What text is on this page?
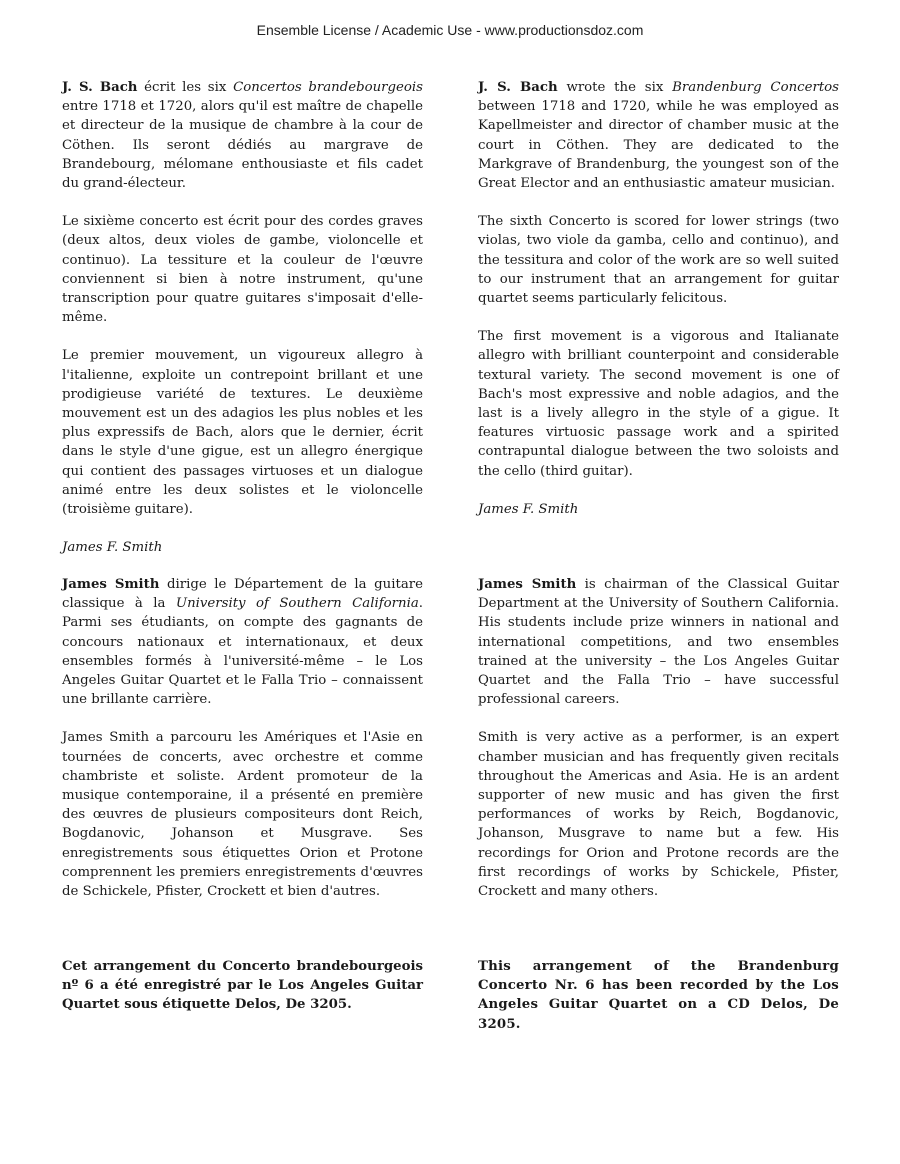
Ensemble License / Academic Use - www.productionsdoz.com

J. S. Bach écrit les six Concertos brandebourgeois entre 1718 et 1720, alors qu'il est maître de chapelle et directeur de la musique de chambre à la cour de Cöthen. Ils seront dédiés au margrave de Brandebourg, mélomane enthousiaste et fils cadet du grand-électeur.

Le sixième concerto est écrit pour des cordes graves (deux altos, deux violes de gambe, violoncelle et continuo). La tessiture et la couleur de l'œuvre conviennent si bien à notre instrument, qu'une transcription pour quatre guitares s'imposait d'elle-même.

Le premier mouvement, un vigoureux allegro à l'italienne, exploite un contrepoint brillant et une prodigieuse variété de textures. Le deuxième mouvement est un des adagios les plus nobles et les plus expressifs de Bach, alors que le dernier, écrit dans le style d'une gigue, est un allegro énergique qui contient des passages virtuoses et un dialogue animé entre les deux solistes et le violoncelle (troisième guitare).

James F. Smith

James Smith dirige le Département de la guitare classique à la University of Southern California. Parmi ses étudiants, on compte des gagnants de concours nationaux et internationaux, et deux ensembles formés à l'université-même – le Los Angeles Guitar Quartet et le Falla Trio – connaissent une brillante carrière.

James Smith a parcouru les Amériques et l'Asie en tournées de concerts, avec orchestre et comme chambriste et soliste. Ardent promoteur de la musique contemporaine, il a présenté en première des œuvres de plusieurs compositeurs dont Reich, Bogdanovic, Johanson et Musgrave. Ses enregistrements sous étiquettes Orion et Protone comprennent les premiers enregistrements d'œuvres de Schickele, Pfister, Crockett et bien d'autres.

Cet arrangement du Concerto brandebourgeois nº 6 a été enregistré par le Los Angeles Guitar Quartet sous étiquette Delos, De 3205.

J. S. Bach wrote the six Brandenburg Concertos between 1718 and 1720, while he was employed as Kapellmeister and director of chamber music at the court in Cöthen. They are dedicated to the Markgrave of Brandenburg, the youngest son of the Great Elector and an enthusiastic amateur musician.

The sixth Concerto is scored for lower strings (two violas, two viole da gamba, cello and continuo), and the tessitura and color of the work are so well suited to our instrument that an arrangement for guitar quartet seems particularly felicitous.

The first movement is a vigorous and Italianate allegro with brilliant counterpoint and considerable textural variety. The second movement is one of Bach's most expressive and noble adagios, and the last is a lively allegro in the style of a gigue. It features virtuosic passage work and a spirited contrapuntal dialogue between the two soloists and the cello (third guitar).

James F. Smith

James Smith is chairman of the Classical Guitar Department at the University of Southern California. His students include prize winners in national and international competitions, and two ensembles trained at the university – the Los Angeles Guitar Quartet and the Falla Trio – have successful professional careers.

Smith is very active as a performer, is an expert chamber musician and has frequently given recitals throughout the Americas and Asia. He is an ardent supporter of new music and has given the first performances of works by Reich, Bogdanovic, Johanson, Musgrave to name but a few. His recordings for Orion and Protone records are the first recordings of works by Schickele, Pfister, Crockett and many others.

This arrangement of the Brandenburg Concerto Nr. 6 has been recorded by the Los Angeles Guitar Quartet on a CD Delos, De 3205.
